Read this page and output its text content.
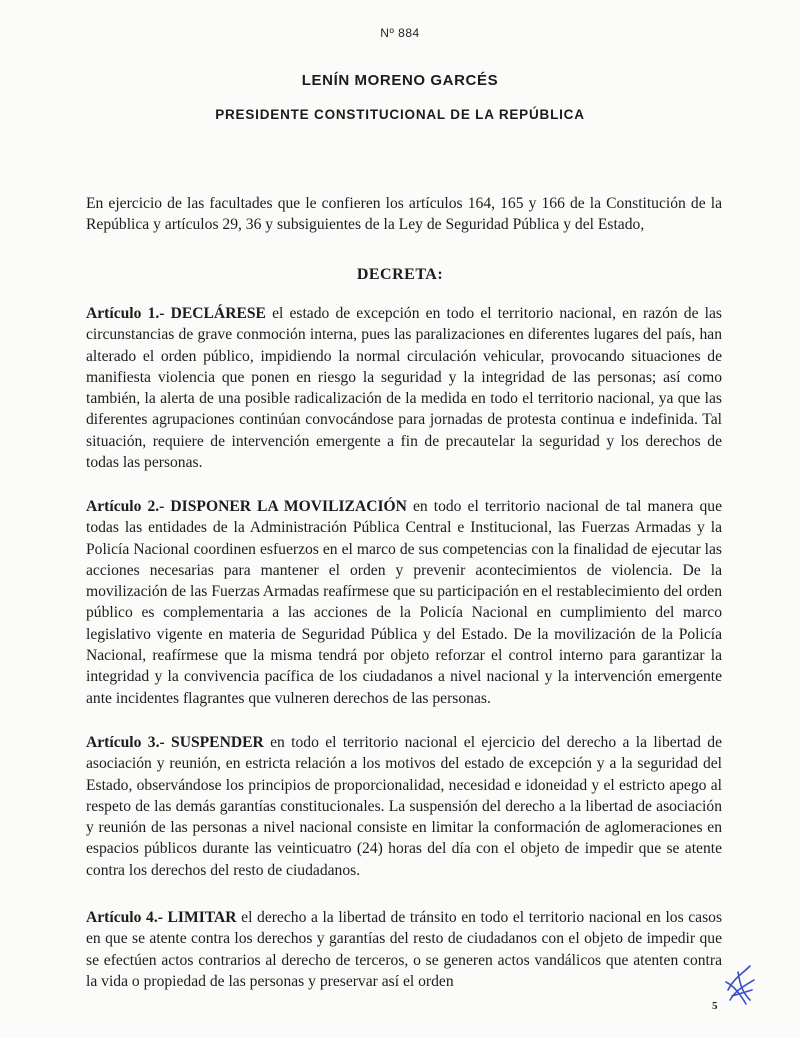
Nº 884
LENÍN MORENO GARCÉS
PRESIDENTE CONSTITUCIONAL DE LA REPÚBLICA

En ejercicio de las facultades que le confieren los artículos 164, 165 y 166 de la Constitución de la República y artículos 29, 36 y subsiguientes de la Ley de Seguridad Pública y del Estado,

DECRETA:

Artículo 1.- DECLÁRESE el estado de excepción en todo el territorio nacional, en razón de las circunstancias de grave conmoción interna, pues las paralizaciones en diferentes lugares del país, han alterado el orden público, impidiendo la normal circulación vehicular, provocando situaciones de manifiesta violencia que ponen en riesgo la seguridad y la integridad de las personas; así como también, la alerta de una posible radicalización de la medida en todo el territorio nacional, ya que las diferentes agrupaciones continúan convocándose para jornadas de protesta continua e indefinida. Tal situación, requiere de intervención emergente a fin de precautelar la seguridad y los derechos de todas las personas.

Artículo 2.- DISPONER LA MOVILIZACIÓN en todo el territorio nacional de tal manera que todas las entidades de la Administración Pública Central e Institucional, las Fuerzas Armadas y la Policía Nacional coordinen esfuerzos en el marco de sus competencias con la finalidad de ejecutar las acciones necesarias para mantener el orden y prevenir acontecimientos de violencia. De la movilización de las Fuerzas Armadas reafírmese que su participación en el restablecimiento del orden público es complementaria a las acciones de la Policía Nacional en cumplimiento del marco legislativo vigente en materia de Seguridad Pública y del Estado. De la movilización de la Policía Nacional, reafírmese que la misma tendrá por objeto reforzar el control interno para garantizar la integridad y la convivencia pacífica de los ciudadanos a nivel nacional y la intervención emergente ante incidentes flagrantes que vulneren derechos de las personas.

Artículo 3.- SUSPENDER en todo el territorio nacional el ejercicio del derecho a la libertad de asociación y reunión, en estricta relación a los motivos del estado de excepción y a la seguridad del Estado, observándose los principios de proporcionalidad, necesidad e idoneidad y el estricto apego al respeto de las demás garantías constitucionales. La suspensión del derecho a la libertad de asociación y reunión de las personas a nivel nacional consiste en limitar la conformación de aglomeraciones en espacios públicos durante las veinticuatro (24) horas del día con el objeto de impedir que se atente contra los derechos del resto de ciudadanos.

Artículo 4.- LIMITAR el derecho a la libertad de tránsito en todo el territorio nacional en los casos en que se atente contra los derechos y garantías del resto de ciudadanos con el objeto de impedir que se efectúen actos contrarios al derecho de terceros, o se generen actos vandálicos que atenten contra la vida o propiedad de las personas y preservar así el orden

5
